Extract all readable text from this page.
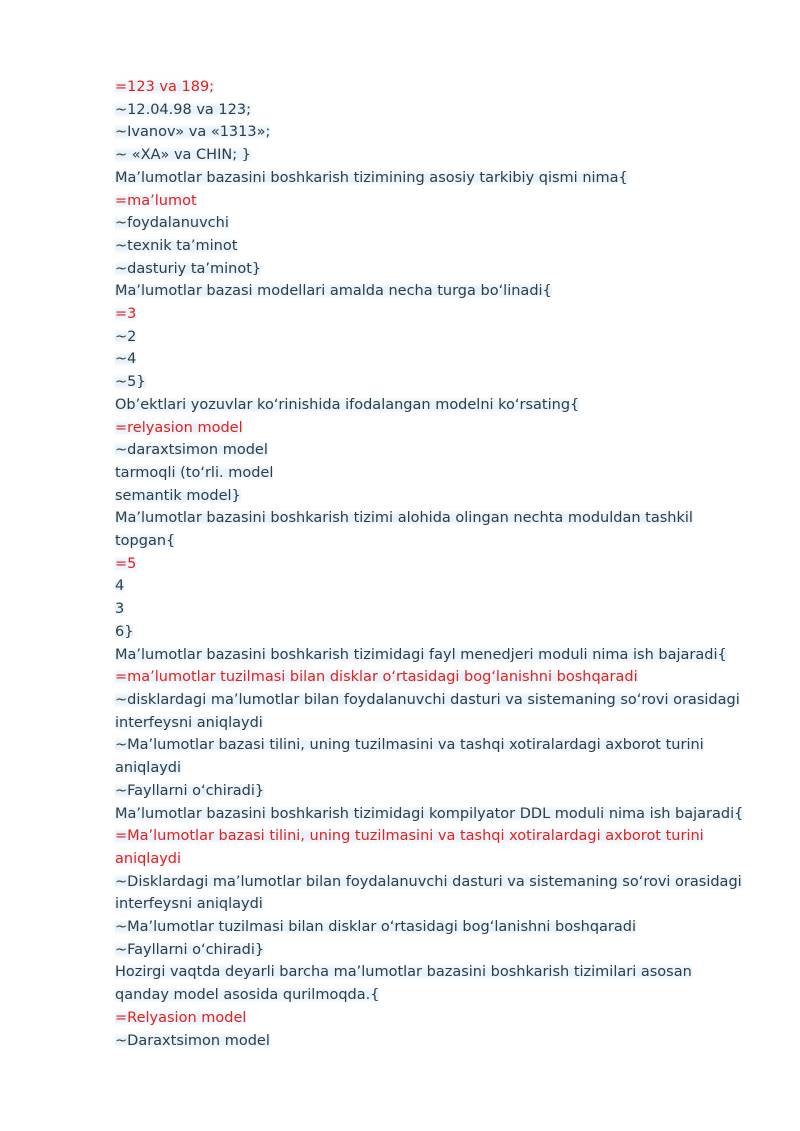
=123 va 189;
~12.04.98 va 123;
~Ivanov» va «1313»;
~ «XA» va CHIN; }
Ma’lumotlar bazasini boshkarish tizimining asosiy tarkibiy qismi nima{
=ma’lumot
~foydalanuvchi
~texnik ta’minot
~dasturiy ta’minot}
Ma’lumotlar bazasi modellari amalda necha turga bo‘linadi{
=3
~2
~4
~5}
Ob’ektlari yozuvlar ko‘rinishida ifodalangan modelni ko‘rsating{
=relyasion model
~daraxtsimon model
tarmoqli (to‘rli. model
semantik model}
Ma’lumotlar bazasini boshkarish tizimi alohida olingan nechta moduldan tashkil topgan{
=5
4
3
6}
Ma’lumotlar bazasini boshkarish tizimidagi fayl menedjeri moduli nima ish bajaradi{
=ma’lumotlar tuzilmasi bilan disklar o‘rtasidagi bog‘lanishni boshqaradi
~disklardagi ma’lumotlar bilan foydalanuvchi dasturi va sistemaning so‘rovi orasidagi interfeysni aniqlaydi
~Ma’lumotlar bazasi tilini, uning tuzilmasini va tashqi xotiralardagi axborot turini aniqlaydi
~Fayllarni o‘chiradi}
Ma’lumotlar bazasini boshkarish tizimidagi kompilyator DDL moduli nima ish bajaradi{
=Ma’lumotlar bazasi tilini, uning tuzilmasini va tashqi xotiralardagi axborot turini aniqlaydi
~Disklardagi ma’lumotlar bilan foydalanuvchi dasturi va sistemaning so‘rovi orasidagi interfeysni aniqlaydi
~Ma’lumotlar tuzilmasi bilan disklar o‘rtasidagi bog‘lanishni boshqaradi
~Fayllarni o‘chiradi}
Hozirgi vaqtda deyarli barcha ma’lumotlar bazasini boshkarish tizimilari asosan qanday model asosida qurilmoqda.{
=Relyasion model
~Daraxtsimon model
